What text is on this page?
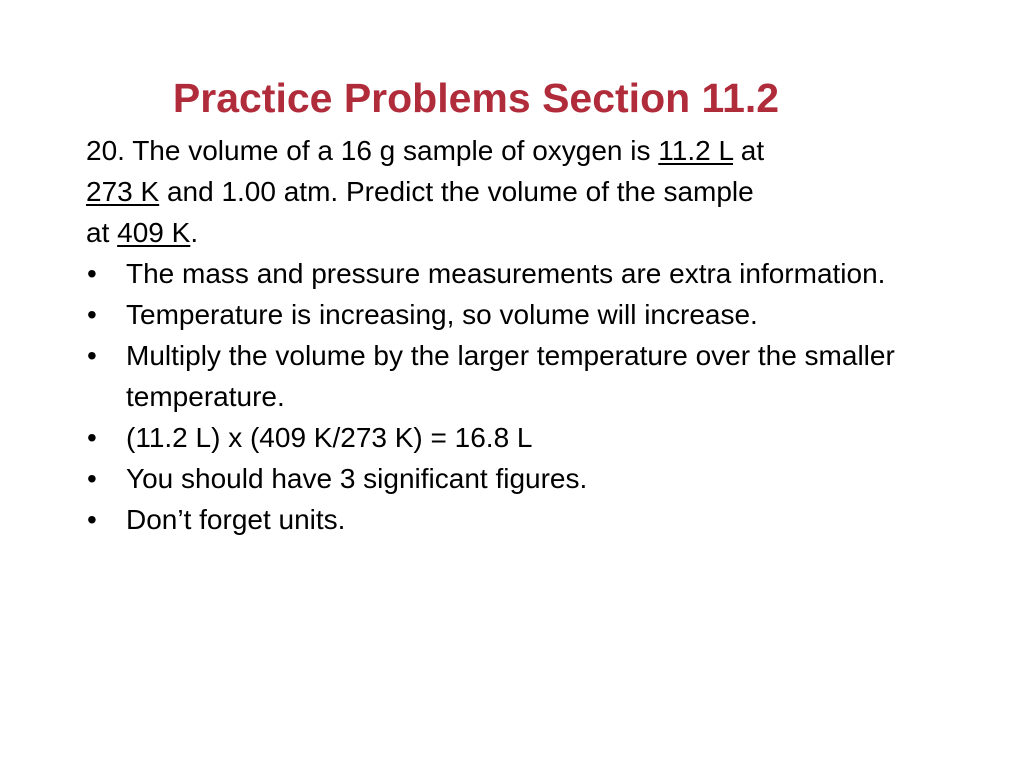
Practice Problems Section 11.2

20. The volume of a 16 g sample of oxygen is 11.2 L at
273 K and 1.00 atm. Predict the volume of the sample
at 409 K.

• The mass and pressure measurements are extra information.
• Temperature is increasing, so volume will increase.
• Multiply the volume by the larger temperature over the smaller temperature.
• (11.2 L) x (409 K/273 K) = 16.8 L
• You should have 3 significant figures.
• Don’t forget units.
